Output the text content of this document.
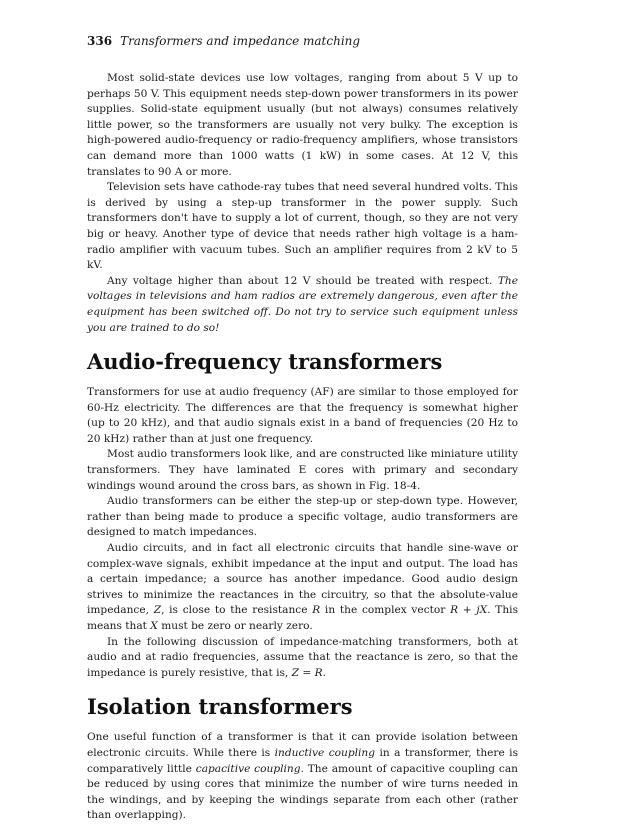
336 Transformers and impedance matching

Most solid-state devices use low voltages, ranging from about 5 V up to perhaps 50 V. This equipment needs step-down power transformers in its power supplies. Solid-state equipment usually (but not always) consumes relatively little power, so the transformers are usually not very bulky. The exception is high-powered audio-frequency or radio-frequency amplifiers, whose transistors can demand more than 1000 watts (1 kW) in some cases. At 12 V, this translates to 90 A or more.

Television sets have cathode-ray tubes that need several hundred volts. This is derived by using a step-up transformer in the power supply. Such transformers don't have to supply a lot of current, though, so they are not very big or heavy. Another type of device that needs rather high voltage is a ham-radio amplifier with vacuum tubes. Such an amplifier requires from 2 kV to 5 kV.

Any voltage higher than about 12 V should be treated with respect. The voltages in televisions and ham radios are extremely dangerous, even after the equipment has been switched off. Do not try to service such equipment unless you are trained to do so!

Audio-frequency transformers

Transformers for use at audio frequency (AF) are similar to those employed for 60-Hz electricity. The differences are that the frequency is somewhat higher (up to 20 kHz), and that audio signals exist in a band of frequencies (20 Hz to 20 kHz) rather than at just one frequency.

Most audio transformers look like, and are constructed like miniature utility transformers. They have laminated E cores with primary and secondary windings wound around the cross bars, as shown in Fig. 18-4.

Audio transformers can be either the step-up or step-down type. However, rather than being made to produce a specific voltage, audio transformers are designed to match impedances.

Audio circuits, and in fact all electronic circuits that handle sine-wave or complex-wave signals, exhibit impedance at the input and output. The load has a certain impedance; a source has another impedance. Good audio design strives to minimize the reactances in the circuitry, so that the absolute-value impedance, Z, is close to the resistance R in the complex vector R + jX. This means that X must be zero or nearly zero.

In the following discussion of impedance-matching transformers, both at audio and at radio frequencies, assume that the reactance is zero, so that the impedance is purely resistive, that is, Z = R.

Isolation transformers

One useful function of a transformer is that it can provide isolation between electronic circuits. While there is inductive coupling in a transformer, there is comparatively little capacitive coupling. The amount of capacitive coupling can be reduced by using cores that minimize the number of wire turns needed in the windings, and by keeping the windings separate from each other (rather than overlapping).
